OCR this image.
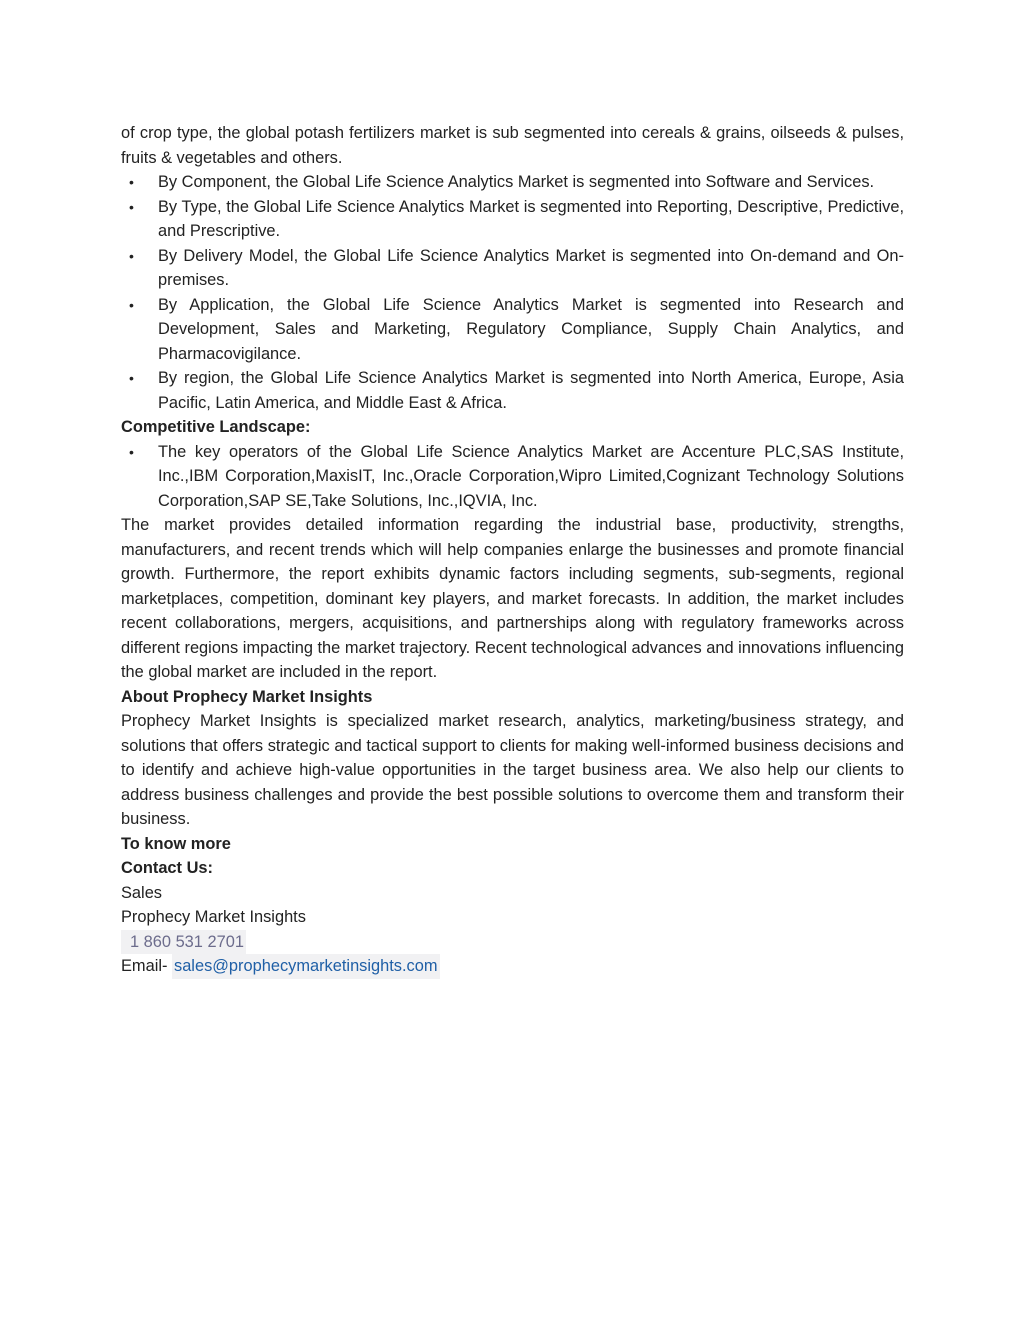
of crop type, the global potash fertilizers market is sub segmented into cereals & grains, oilseeds & pulses, fruits & vegetables and others.

• By Component, the Global Life Science Analytics Market is segmented into Software and Services.
• By Type, the Global Life Science Analytics Market is segmented into Reporting, Descriptive, Predictive, and Prescriptive.
• By Delivery Model, the Global Life Science Analytics Market is segmented into On-demand and On-premises.
• By Application, the Global Life Science Analytics Market is segmented into Research and Development, Sales and Marketing, Regulatory Compliance, Supply Chain Analytics, and Pharmacovigilance.
• By region, the Global Life Science Analytics Market is segmented into North America, Europe, Asia Pacific, Latin America, and Middle East & Africa.

Competitive Landscape:

• The key operators of the Global Life Science Analytics Market are Accenture PLC,SAS Institute, Inc.,IBM Corporation,MaxisIT, Inc.,Oracle Corporation,Wipro Limited,Cognizant Technology Solutions Corporation,SAP SE,Take Solutions, Inc.,IQVIA, Inc.

The market provides detailed information regarding the industrial base, productivity, strengths, manufacturers, and recent trends which will help companies enlarge the businesses and promote financial growth. Furthermore, the report exhibits dynamic factors including segments, sub-segments, regional marketplaces, competition, dominant key players, and market forecasts. In addition, the market includes recent collaborations, mergers, acquisitions, and partnerships along with regulatory frameworks across different regions impacting the market trajectory. Recent technological advances and innovations influencing the global market are included in the report.

About Prophecy Market Insights

Prophecy Market Insights is specialized market research, analytics, marketing/business strategy, and solutions that offers strategic and tactical support to clients for making well-informed business decisions and to identify and achieve high-value opportunities in the target business area. We also help our clients to address business challenges and provide the best possible solutions to overcome them and transform their business.

To know more

Contact Us:

Sales

Prophecy Market Insights

1 860 531 2701

Email- sales@prophecymarketinsights.com
